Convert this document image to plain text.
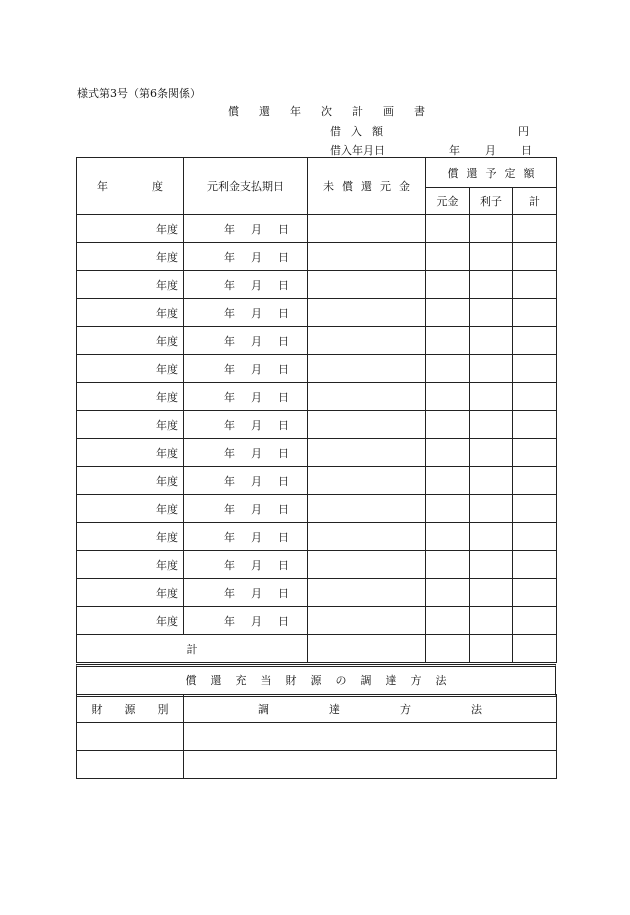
様式第3号（第6条関係）
償 還 年 次 計 画 書
借 入 額	円
借入年月日	年 月 日
年 度	元利金支払期日	未 償 還 元 金	償 還 予 定 額		
			元金	利子	計
年度	年 月 日				
年度	年 月 日				
年度	年 月 日				
年度	年 月 日				
年度	年 月 日				
年度	年 月 日				
年度	年 月 日				
年度	年 月 日				
年度	年 月 日				
年度	年 月 日				
年度	年 月 日				
年度	年 月 日				
年度	年 月 日				
年度	年 月 日				
年度	年 月 日				
計					
償 還 充 当 財 源 の 調 達 方 法
財 源 別	調 達 方 法
